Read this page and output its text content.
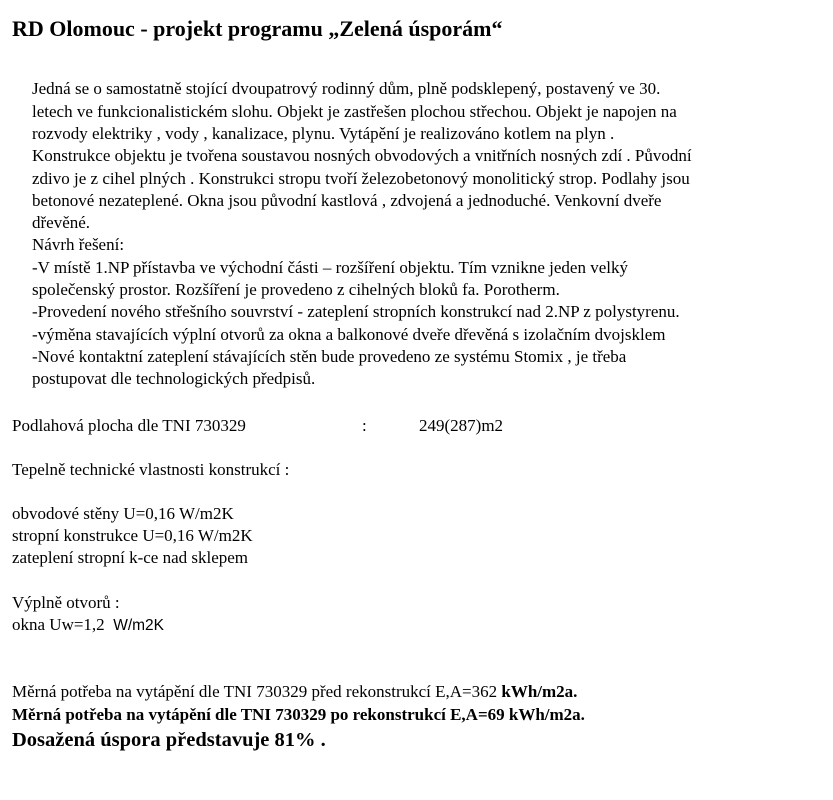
RD Olomouc - projekt programu „Zelená úsporám“
Jedná se o samostatně stojící dvoupatrový rodinný dům, plně podsklepený, postavený ve 30.
letech ve funkcionalistickém slohu. Objekt je zastřešen plochou střechou. Objekt je napojen na
rozvody elektriky , vody , kanalizace, plynu. Vytápění je realizováno kotlem na plyn .
Konstrukce objektu je tvořena soustavou nosných obvodových a vnitřních nosných zdí . Původní
zdivo je z cihel plných . Konstrukci stropu tvoří železobetonový monolitický strop. Podlahy jsou
betonové nezateplené. Okna jsou původní kastlová , zdvojená a jednoduché. Venkovní dveře
dřevěné.
Návrh řešení:
-V místě 1.NP přístavba ve východní části – rozšíření objektu. Tím vznikne jeden velký
společenský prostor. Rozšíření je provedeno z cihelných bloků fa. Porotherm.
-Provedení nového střešního souvrství - zateplení stropních konstrukcí nad 2.NP z polystyrenu.
-výměna stavajících výplní otvorů za okna a balkonové dveře dřevěná s izolačním dvojsklem
-Nové kontaktní zateplení stávajících stěn bude provedeno ze systému Stomix , je třeba
postupovat dle technologických předpisů.
Podlahová plocha dle TNI 730329	:	249(287)m2
Tepelně technické vlastnosti konstrukcí :
obvodové stěny U=0,16 W/m2K
stropní konstrukce U=0,16 W/m2K
zateplení stropní k-ce nad sklepem
Výplně otvorů :
okna Uw=1,2 W/m2K
Měrná potřeba na vytápění dle TNI 730329 před rekonstrukcí E,A=362 kWh/m2a.
Měrná potřeba na vytápění dle TNI 730329 po rekonstrukcí E,A=69 kWh/m2a.
Dosažená úspora představuje 81% .
